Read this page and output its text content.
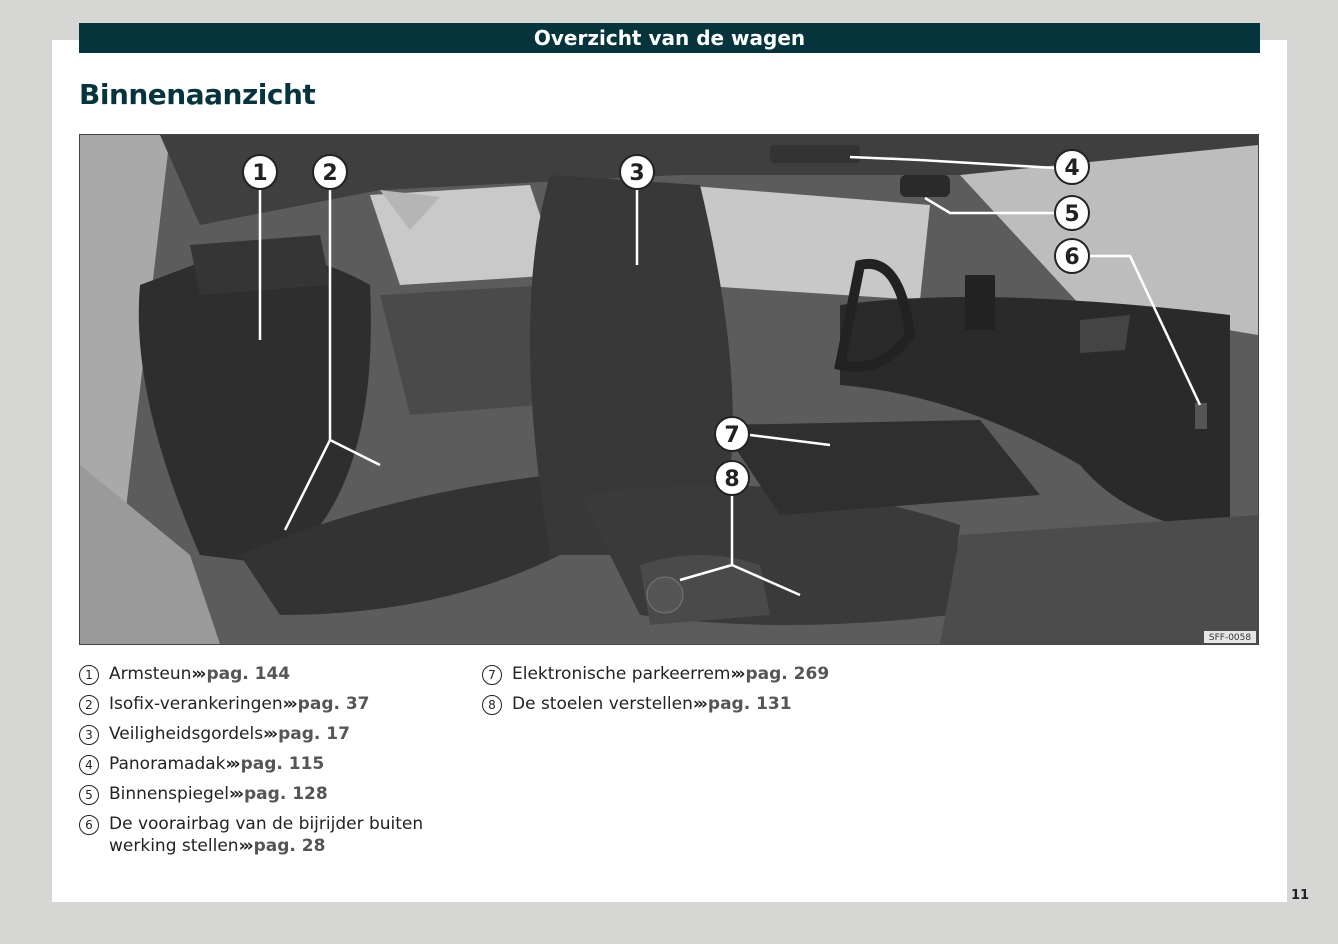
Overzicht van de wagen
Binnenaanzicht
1 2	3	4
5
6
7
8
SFF-0058
1 Armsteun››› pag. 144
2 Isofix-verankeringen››› pag. 37
3 Veiligheidsgordels››› pag. 17
4 Panoramadak››› pag. 115
5 Binnenspiegel››› pag. 128
6 De voorairbag van de bijrijder buiten werking stellen››› pag. 28
7 Elektronische parkeerrem››› pag. 269
8 De stoelen verstellen››› pag. 131
11
